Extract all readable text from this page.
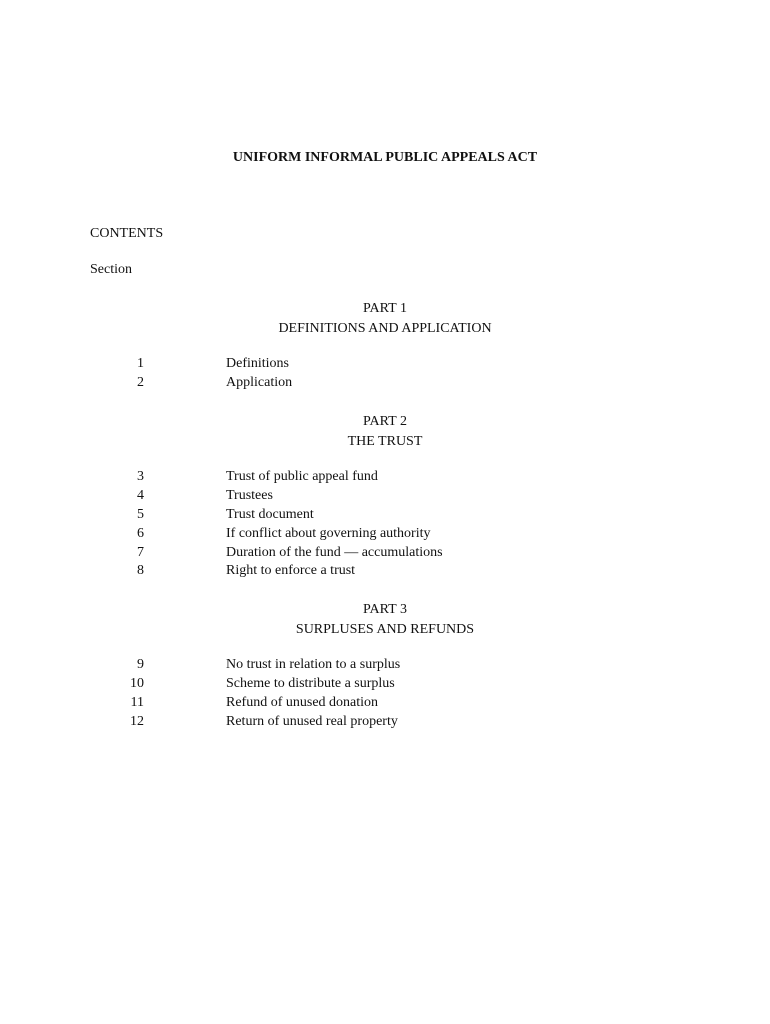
UNIFORM INFORMAL PUBLIC APPEALS ACT
CONTENTS
Section
PART 1
DEFINITIONS AND APPLICATION
1	Definitions
2	Application
PART 2
THE TRUST
3	Trust of public appeal fund
4	Trustees
5	Trust document
6	If conflict about governing authority
7	Duration of the fund — accumulations
8	Right to enforce a trust
PART 3
SURPLUSES AND REFUNDS
9	No trust in relation to a surplus
10	Scheme to distribute a surplus
11	Refund of unused donation
12	Return of unused real property
